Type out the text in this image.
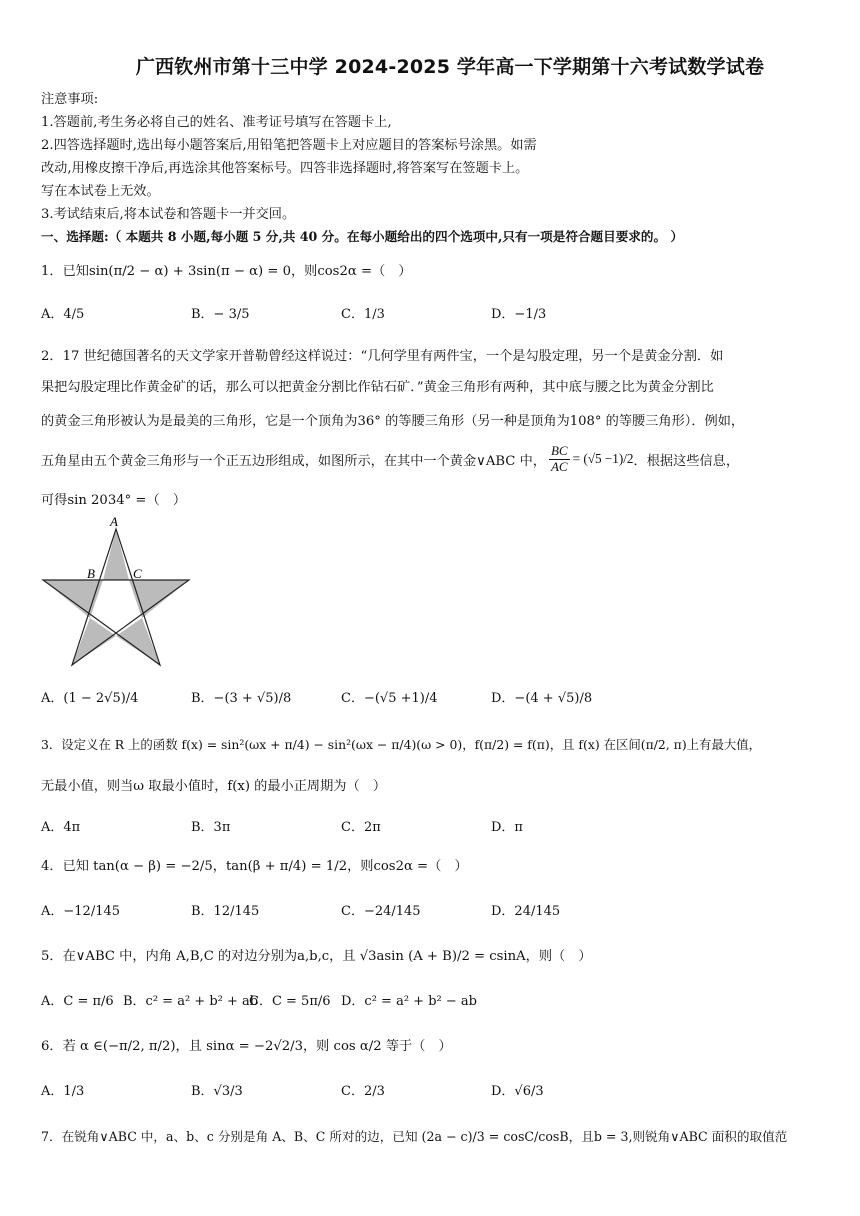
广西钦州市第十三中学 2024-2025 学年高一下学期第十六考试数学试卷
注意事项:
1.答题前,考生务必将自己的姓名、准考证号填写在答题卡上,
2.四答选择题时,选出每小题答案后,用铅笔把答题卡上对应题目的答案标号涂黑。如需
改动,用橡皮擦干净后,再选涂其他答案标号。四答非选择题时,将答案写在签题卡上。
写在本试卷上无效。
3.考试结束后,将本试卷和答题卡一并交回。
一、选择题:（ 本题共 8 小题,每小题 5 分,共 40 分。在每小题给出的四个选项中,只有一项是符合题目要求的。 ）
1．已知sin(π/2 − α) + 3sin(π − α) = 0，则cos2α =（　）
A．4/5	B．− 3/5	C．1/3	D．−1/3
2．17 世纪德国著名的天文学家开普勒曾经这样说过：“几何学里有两件宝，一个是勾股定理，另一个是黄金分割．如
果把勾股定理比作黄金矿的话，那么可以把黄金分割比作钻石矿．”黄金三角形有两种，其中底与腰之比为黄金分割比
的黄金三角形被认为是最美的三角形，它是一个顶角为36° 的等腰三角形（另一种是顶角为108° 的等腰三角形）．例如，
五角星由五个黄金三角形与一个正五边形组成，如图所示，在其中一个黄金∨ABC 中， $\frac{BC}{AC} = (√5 -1)/2$ ．根据这些信息，
可得sin 2034° =（　）
A
B	C
A．(1 − 2√5)/4	B．−(3 + √5)/8	C．−(√5 +1)/4	D．−(4 + √5)/8
3．设定义在 R 上的函数 f(x) = sin²(ωx + π/4) − sin²(ωx − π/4)(ω > 0)，f(π/2) = f(π)，且 f(x) 在区间(π/2, π)上有最大值，
无最小值，则当ω 取最小值时，f(x) 的最小正周期为（　）
A．4π	B．3π	C．2π	D．π
4．已知 tan(α − β) = −2/5，tan(β + π/4) = 1/2，则cos2α =（　）
A．−12/145	B．12/145	C．−24/145	D．24/145
5．在∨ABC 中，内角 A,B,C 的对边分别为a,b,c，且 √3asin (A + B)/2 = csinA，则（　）
A．C = π/6 B．c² = a² + b² + ab
C．C = 5π/6 D．c² = a² + b² − ab
6．若 α ∈(−π/2, π/2)，且 sinα = −2√2/3，则 cos α/2 等于（　）
A．1/3	B．√3/3	C．2/3	D．√6/3
7．在锐角∨ABC 中，a、b、c 分别是角 A、B、C 所对的边，已知 (2a − c)/3 = cosC/cosB，且b = 3,则锐角∨ABC 面积的取值范
